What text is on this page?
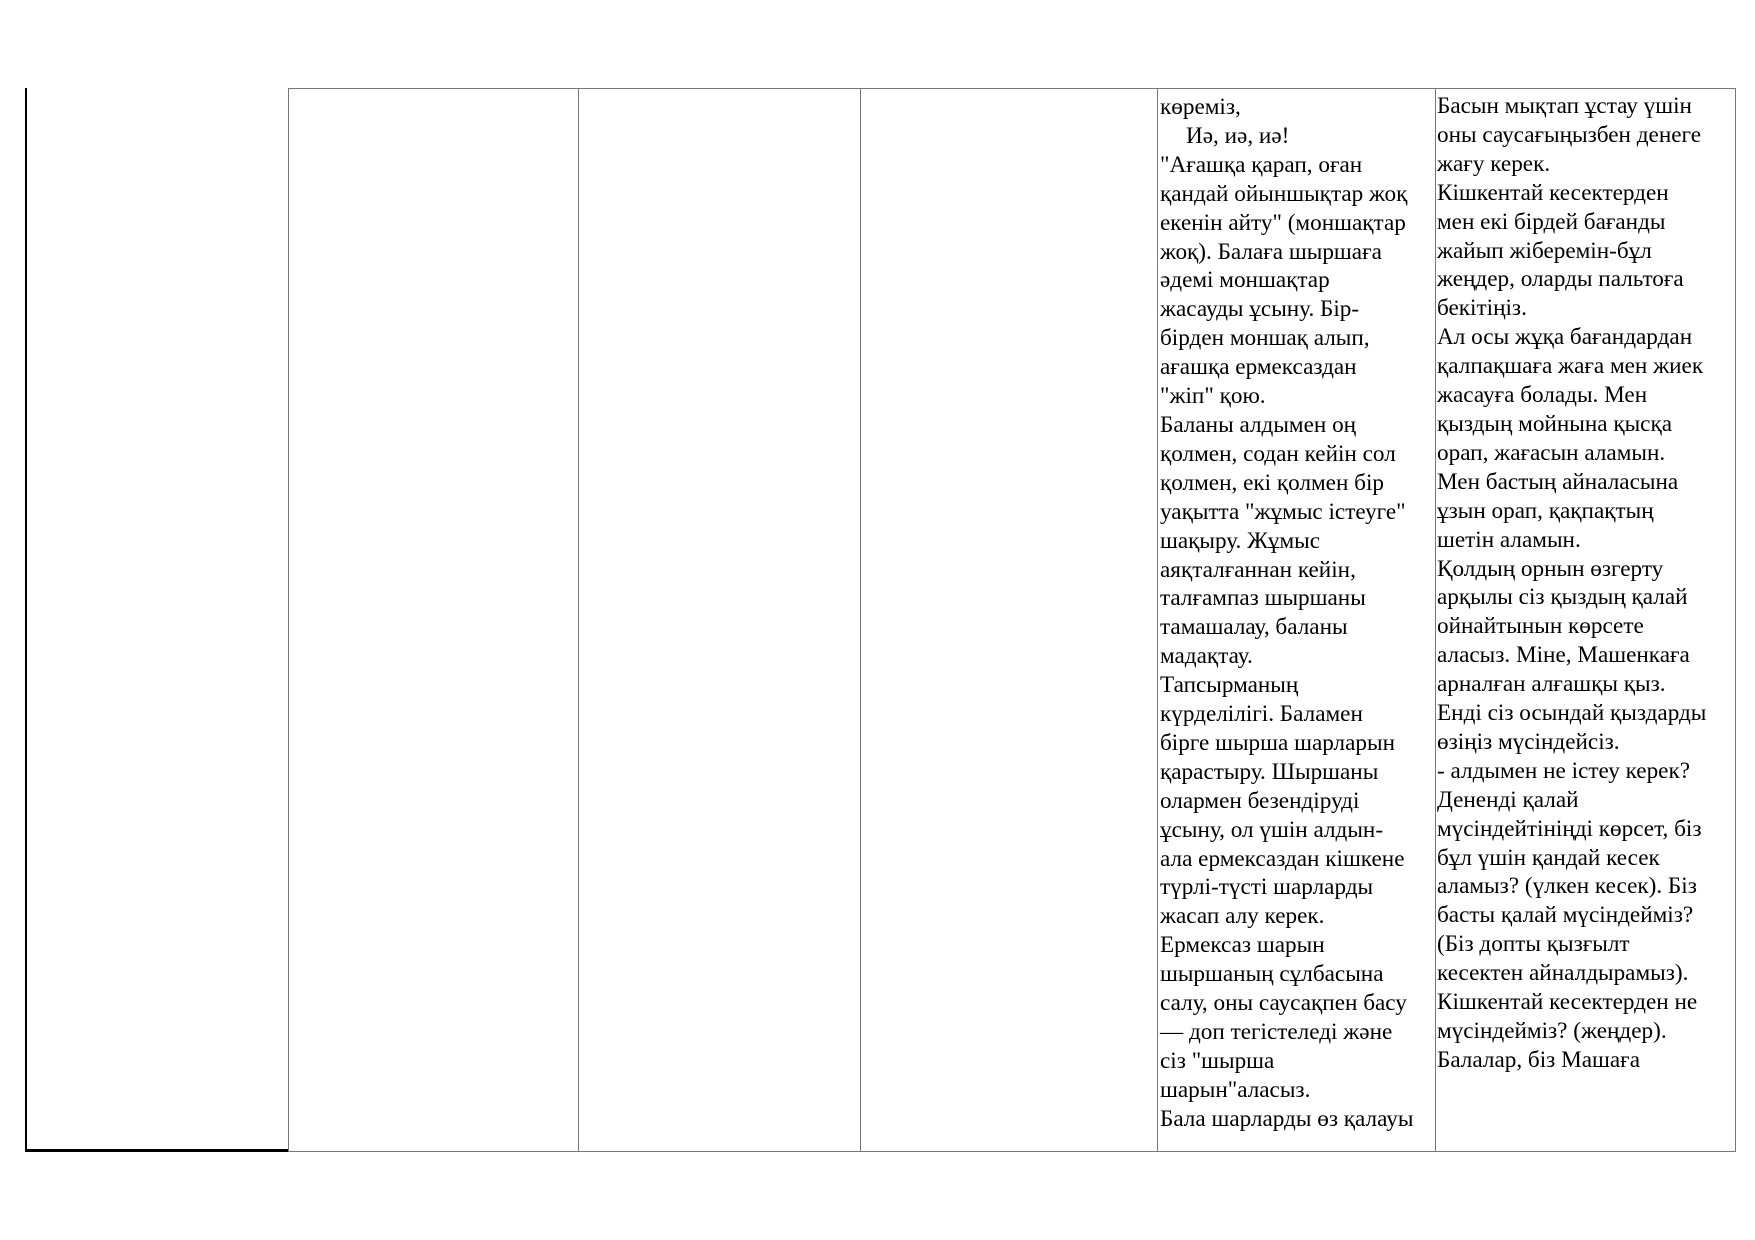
көреміз,
Иә, иә, иә!
"Ағашқа қарап, оған
қандай ойыншықтар жоқ
екенін айту" (моншақтар
жоқ). Балаға шыршаға
әдемі моншақтар
жасауды ұсыну. Бір-
бірден моншақ алып,
ағашқа ермексаздан
"жіп" қою.
Баланы алдымен оң
қолмен, содан кейін сол
қолмен, екі қолмен бір
уақытта "жұмыс істеуге"
шақыру. Жұмыс
аяқталғаннан кейін,
талғампаз шыршаны
тамашалау, баланы
мадақтау.
Тапсырманың
күрделілігі. Баламен
бірге шырша шарларын
қарастыру. Шыршаны
олармен безендіруді
ұсыну, ол үшін алдын-
ала ермексаздан кішкене
түрлі-түсті шарларды
жасап алу керек.
Ермексаз шарын
шыршаның сұлбасына
салу, оны саусақпен басу
— доп тегістеледі және
сіз "шырша
шарын"аласыз.
Бала шарларды өз қалауы
Басын мықтап ұстау үшін
оны саусағыңызбен денеге
жағу керек.
Кішкентай кесектерден
мен екі бірдей бағанды
жайып жіберемін-бұл
жеңдер, оларды пальтоға
бекітіңіз.
Ал осы жұқа бағандардан
қалпақшаға жаға мен жиек
жасауға болады. Мен
қыздың мойнына қысқа
орап, жағасын аламын.
Мен бастың айналасына
ұзын орап, қақпақтың
шетін аламын.
Қолдың орнын өзгерту
арқылы сіз қыздың қалай
ойнайтынын көрсете
аласыз. Міне, Машенкаға
арналған алғашқы қыз.
Енді сіз осындай қыздарды
өзіңіз мүсіндейсіз.
- алдымен не істеу керек?
Дененді қалай
мүсіндейтініңді көрсет, біз
бұл үшін қандай кесек
аламыз? (үлкен кесек). Біз
басты қалай мүсіндейміз?
(Біз допты қызғылт
кесектен айналдырамыз).
Кішкентай кесектерден не
мүсіндейміз? (жеңдер).
Балалар, біз Машаға
